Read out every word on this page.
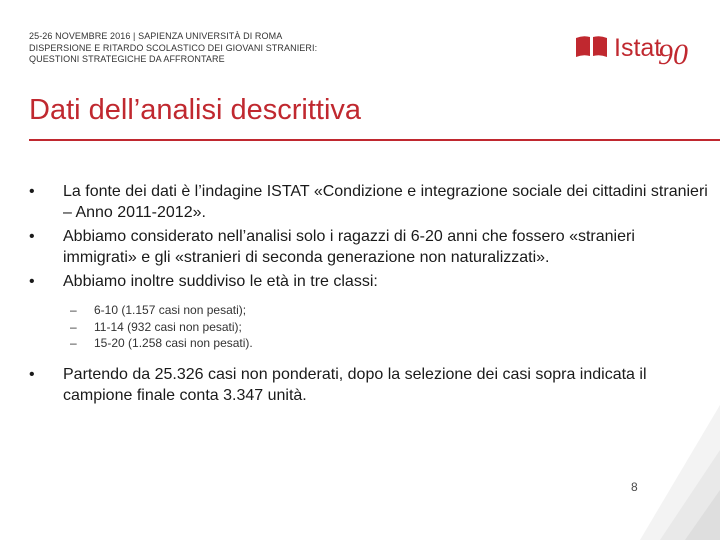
25-26 NOVEMBRE 2016 | SAPIENZA UNIVERSITÀ DI ROMA
DISPERSIONE E RITARDO SCOLASTICO DEI GIOVANI STRANIERI:
QUESTIONI STRATEGICHE DA AFFRONTARE	Istat
90
Dati dell’analisi descrittiva
• La fonte dei dati è l’indagine ISTAT «Condizione e integrazione sociale dei cittadini stranieri – Anno 2011-2012».
• Abbiamo considerato nell’analisi solo i ragazzi di 6-20 anni che fossero «stranieri immigrati» e gli «stranieri di seconda generazione non naturalizzati».
• Abbiamo inoltre suddiviso le età in tre classi:
– 6-10 (1.157 casi non pesati);
– 11-14 (932 casi non pesati);
– 15-20 (1.258 casi non pesati).
• Partendo da 25.326 casi non ponderati, dopo la selezione dei casi sopra indicata il campione finale conta 3.347 unità.
8
